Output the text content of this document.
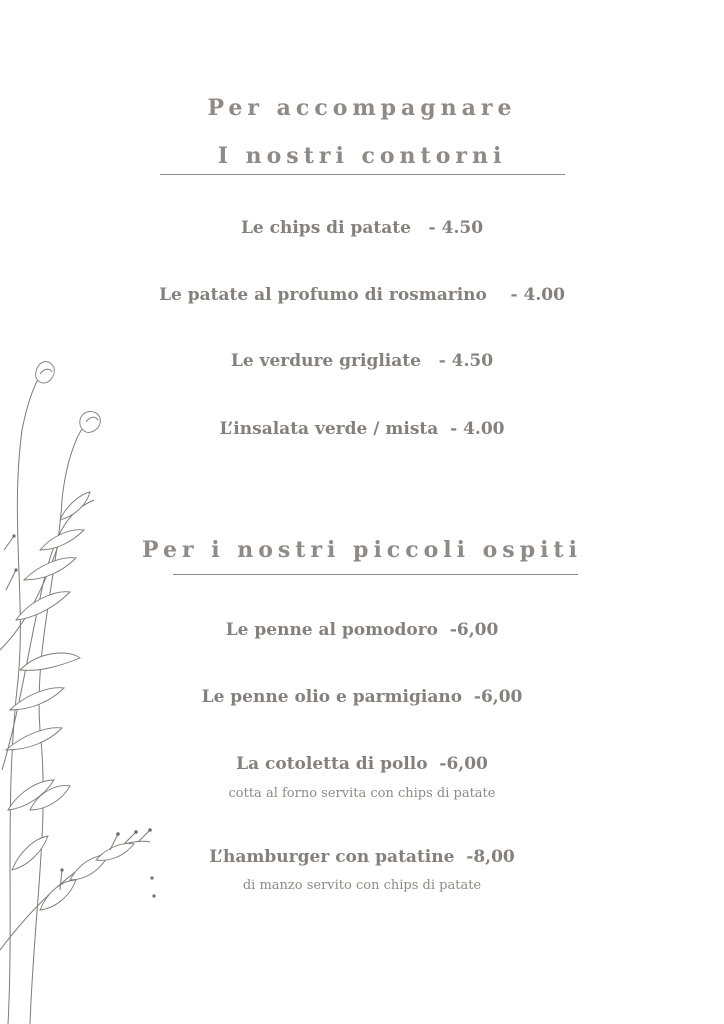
Per accompagnare
I nostri contorni
Le chips di patate   - 4.50
Le patate al profumo di rosmarino    - 4.00
Le verdure grigliate   - 4.50
L’insalata verde / mista  - 4.00
Per i nostri piccoli ospiti
Le penne al pomodoro  -6,00
Le penne olio e parmigiano  -6,00
La cotoletta di pollo  -6,00
cotta al forno servita con chips di patate
L’hamburger con patatine  -8,00
di manzo servito con chips di patate
